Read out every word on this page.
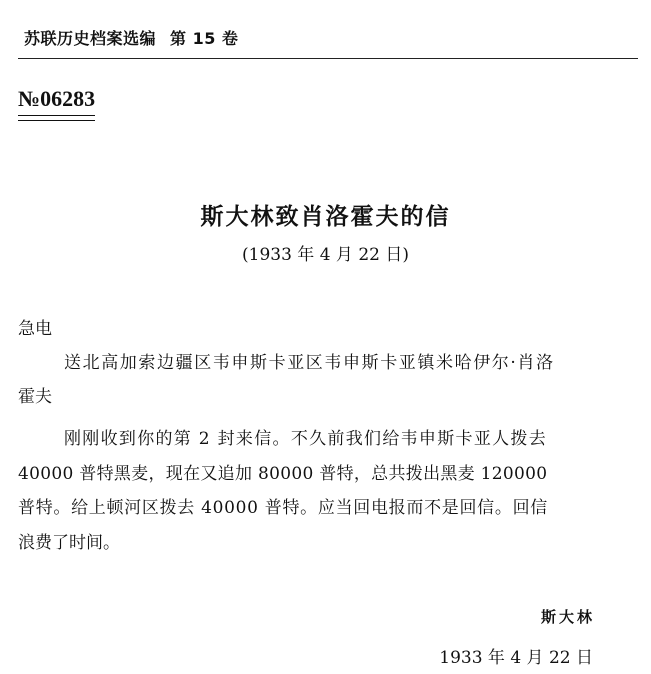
苏联历史档案选编 第 15 卷
№06283
斯大林致肖洛霍夫的信
(1933 年 4 月 22 日)
急电
送北高加索边疆区韦申斯卡亚区韦申斯卡亚镇米哈伊尔·肖洛
霍夫
刚刚收到你的第 2 封来信。不久前我们给韦申斯卡亚人拨去
40000 普特黑麦，现在又追加 80000 普特，总共拨出黑麦 120000
普特。给上顿河区拨去 40000 普特。应当回电报而不是回信。回信
浪费了时间。
斯大林
1933 年 4 月 22 日
